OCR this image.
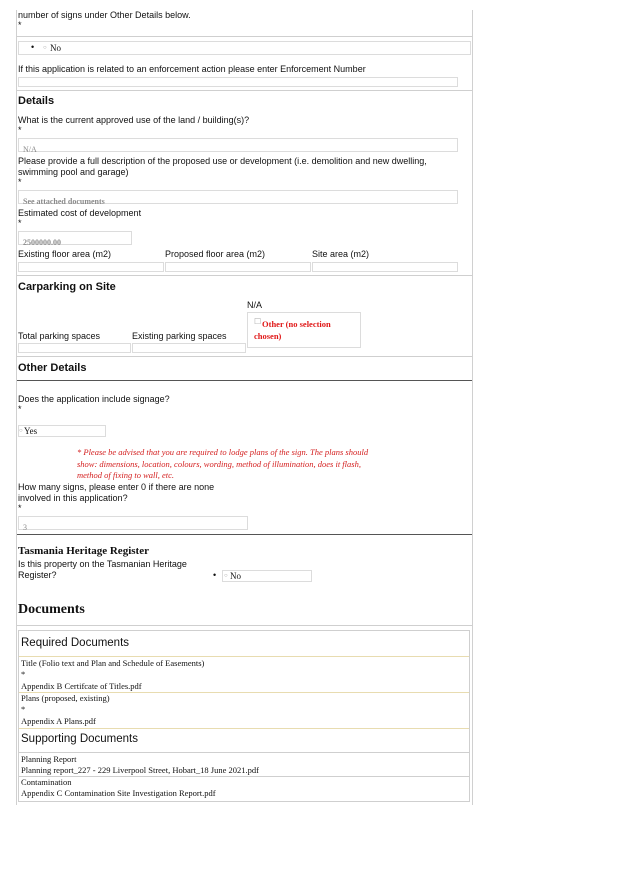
number of signs under Other Details below.
*
• ○ No
If this application is related to an enforcement action please enter Enforcement Number
Details
What is the current approved use of the land / building(s)?
*
N/A
Please provide a full description of the proposed use or development (i.e. demolition and new dwelling,
swimming pool and garage)
*
See attached documents
Estimated cost of development
*
2500000.00
Existing floor area (m2)	Proposed floor area (m2)	Site area (m2)
Carparking on Site
N/A
Total parking spaces	Existing parking spaces
☐ Other (no selection
chosen)
Other Details
Does the application include signage?
*
○ Yes
* Please be advised that you are required to lodge plans of the sign. The plans should
show: dimensions, location, colours, wording, method of illumination, does it flash,
method of fixing to wall, etc.
How many signs, please enter 0 if there are none
involved in this application?
*
3
Tasmania Heritage Register
Is this property on the Tasmanian Heritage
Register?	• ○ No
Documents
Required Documents
Title (Folio text and Plan and Schedule of Easements)
*
Appendix B Certifcate of Titles.pdf
Plans (proposed, existing)
*
Appendix A Plans.pdf
Supporting Documents
Planning Report
Planning report_227 - 229 Liverpool Street, Hobart_18 June 2021.pdf
Contamination
Appendix C Contamination Site Investigation Report.pdf
